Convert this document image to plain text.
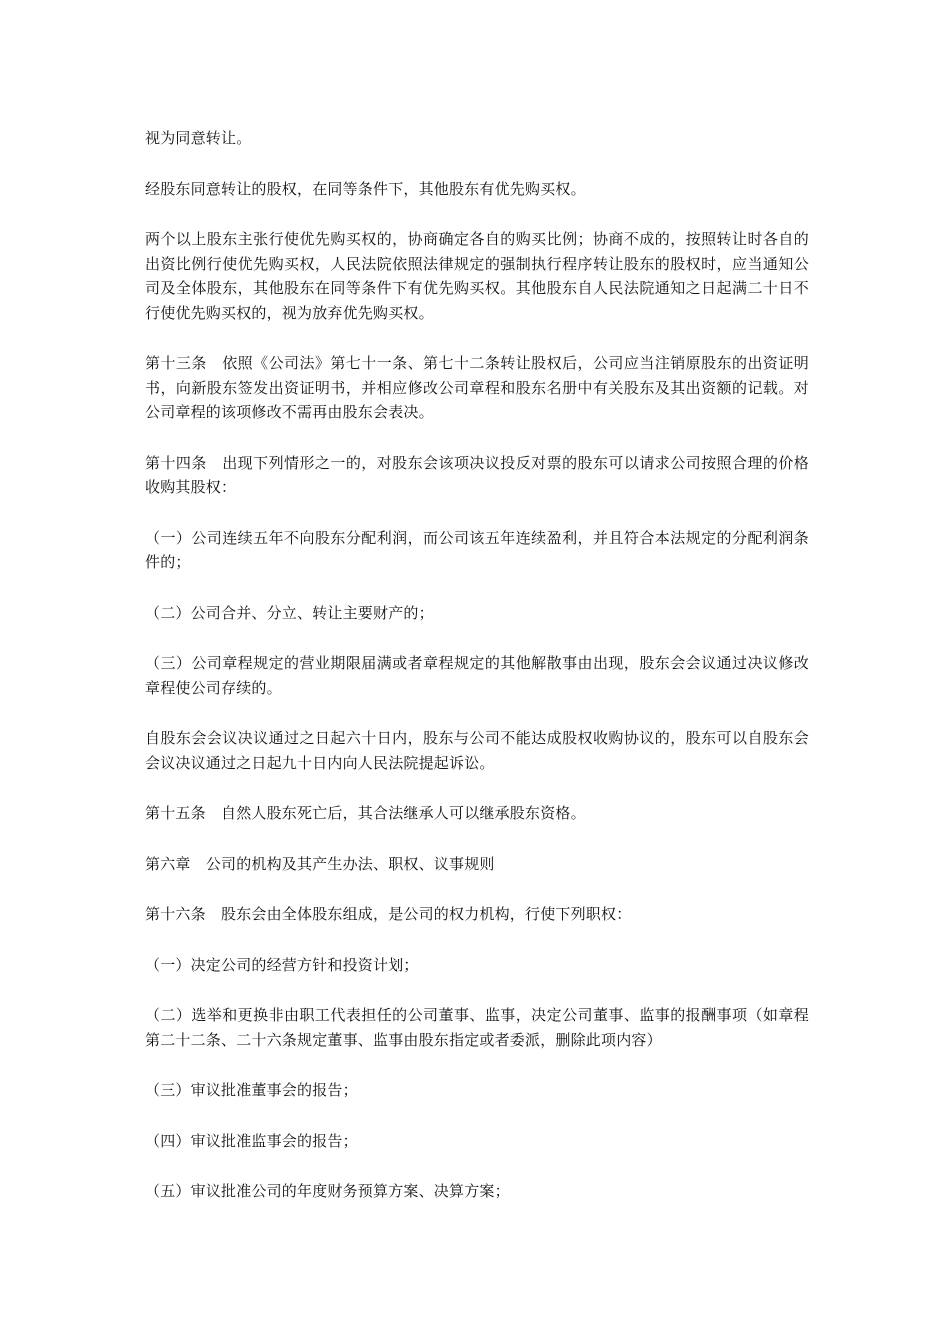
视为同意转让。

经股东同意转让的股权，在同等条件下，其他股东有优先购买权。

两个以上股东主张行使优先购买权的，协商确定各自的购买比例；协商不成的，按照转让时各自的出资比例行使优先购买权，人民法院依照法律规定的强制执行程序转让股东的股权时，应当通知公司及全体股东，其他股东在同等条件下有优先购买权。其他股东自人民法院通知之日起满二十日不行使优先购买权的，视为放弃优先购买权。

第十三条　依照《公司法》第七十一条、第七十二条转让股权后，公司应当注销原股东的出资证明书，向新股东签发出资证明书，并相应修改公司章程和股东名册中有关股东及其出资额的记载。对公司章程的该项修改不需再由股东会表决。

第十四条　出现下列情形之一的，对股东会该项决议投反对票的股东可以请求公司按照合理的价格收购其股权：

（一）公司连续五年不向股东分配利润，而公司该五年连续盈利，并且符合本法规定的分配利润条件的；

（二）公司合并、分立、转让主要财产的；

（三）公司章程规定的营业期限届满或者章程规定的其他解散事由出现，股东会会议通过决议修改章程使公司存续的。

自股东会会议决议通过之日起六十日内，股东与公司不能达成股权收购协议的，股东可以自股东会会议决议通过之日起九十日内向人民法院提起诉讼。

第十五条　自然人股东死亡后，其合法继承人可以继承股东资格。

第六章　公司的机构及其产生办法、职权、议事规则

第十六条　股东会由全体股东组成，是公司的权力机构，行使下列职权：

（一）决定公司的经营方针和投资计划；

（二）选举和更换非由职工代表担任的公司董事、监事，决定公司董事、监事的报酬事项（如章程第二十二条、二十六条规定董事、监事由股东指定或者委派，删除此项内容）

（三）审议批准董事会的报告；

（四）审议批准监事会的报告；

（五）审议批准公司的年度财务预算方案、决算方案；
